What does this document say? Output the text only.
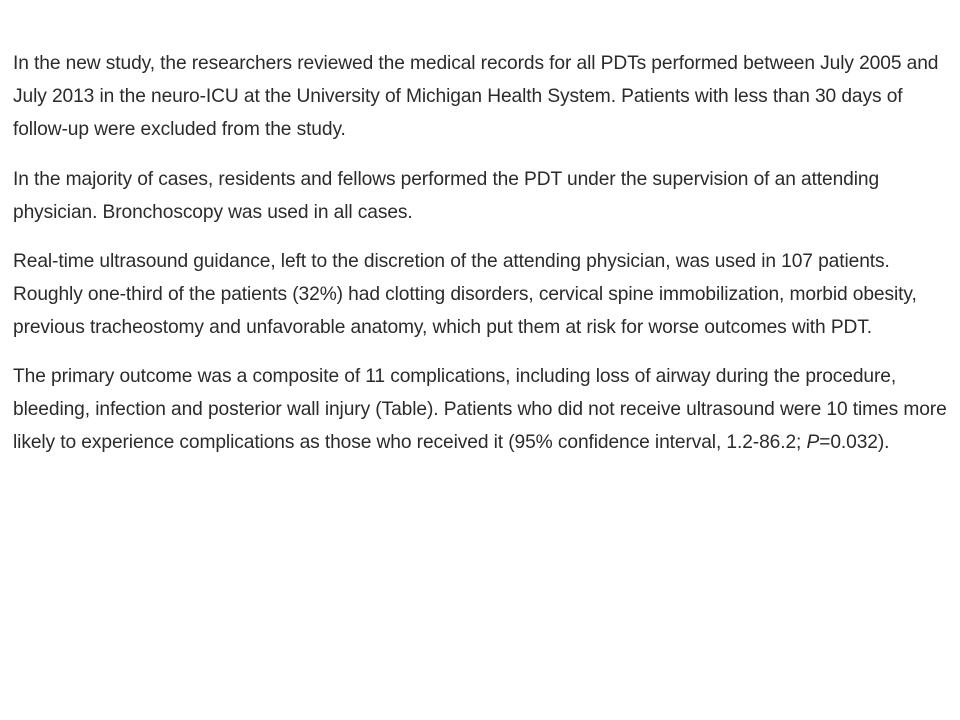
In the new study, the researchers reviewed the medical records for all PDTs performed between July 2005 and July 2013 in the neuro-ICU at the University of Michigan Health System. Patients with less than 30 days of follow-up were excluded from the study.

In the majority of cases, residents and fellows performed the PDT under the supervision of an attending physician. Bronchoscopy was used in all cases.

Real-time ultrasound guidance, left to the discretion of the attending physician, was used in 107 patients. Roughly one-third of the patients (32%) had clotting disorders, cervical spine immobilization, morbid obesity, previous tracheostomy and unfavorable anatomy, which put them at risk for worse outcomes with PDT.

The primary outcome was a composite of 11 complications, including loss of airway during the procedure, bleeding, infection and posterior wall injury (Table). Patients who did not receive ultrasound were 10 times more likely to experience complications as those who received it (95% confidence interval, 1.2-86.2; P=0.032).
